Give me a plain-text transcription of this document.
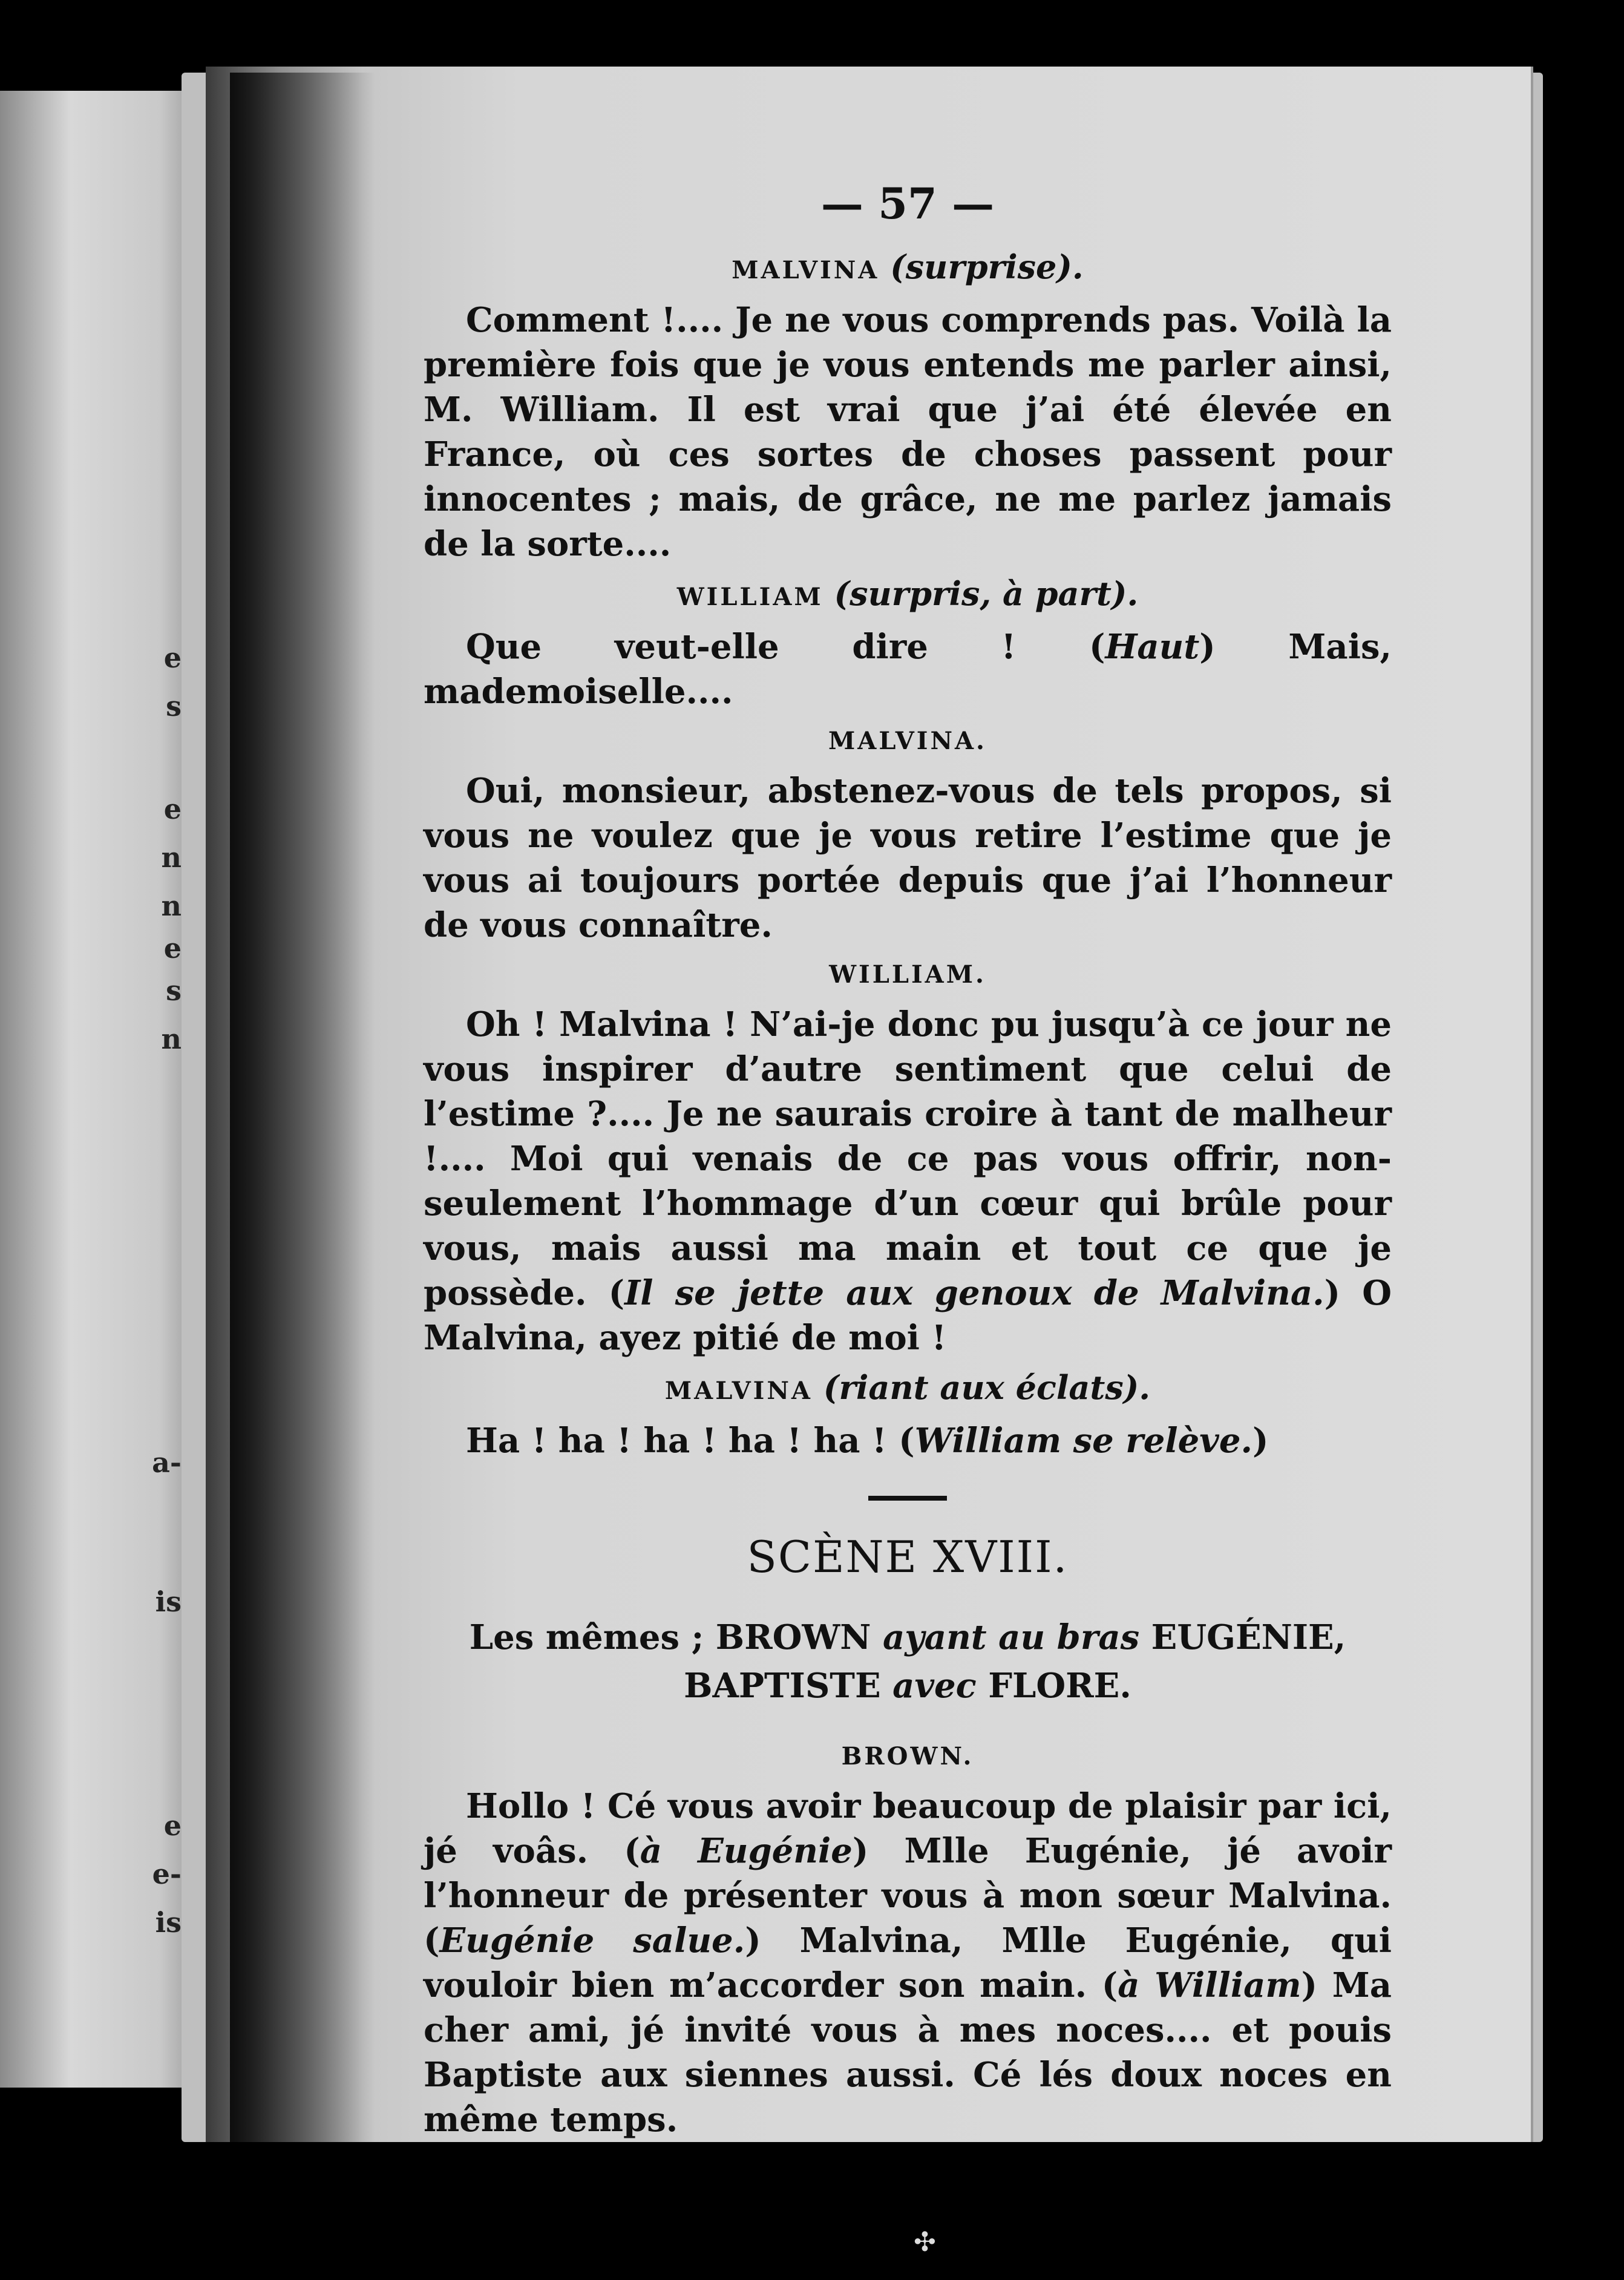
e
s
e
n
n
e
s
n
a-
is
e
e-
is
— 57 —
MALVINA (surprise).

Comment !.... Je ne vous comprends pas. Voilà la première fois que je vous entends me parler ainsi, M. William. Il est vrai que j’ai été élevée en France, où ces sortes de choses passent pour innocentes ; mais, de grâce, ne me parlez jamais de la sorte....

WILLIAM (surpris, à part).

Que veut-elle dire ! (Haut) Mais, mademoiselle....

MALVINA.

Oui, monsieur, abstenez-vous de tels propos, si vous ne voulez que je vous retire l’estime que je vous ai toujours portée depuis que j’ai l’honneur de vous connaître.

WILLIAM.

Oh ! Malvina ! N’ai-je donc pu jusqu’à ce jour ne vous inspirer d’autre sentiment que celui de l’estime ?.... Je ne saurais croire à tant de malheur !.... Moi qui venais de ce pas vous offrir, non-seulement l’hommage d’un cœur qui brûle pour vous, mais aussi ma main et tout ce que je possède. (Il se jette aux genoux de Malvina.) O Malvina, ayez pitié de moi !

MALVINA (riant aux éclats).

Ha ! ha ! ha ! ha ! ha ! (William se relève.)

SCÈNE XVIII.
Les mêmes ; BROWN ayant au bras EUGÉNIE,
BAPTISTE avec FLORE.
BROWN.

Hollo ! Cé vous avoir beaucoup de plaisir par ici, jé voâs. (à Eugénie) Mlle Eugénie, jé avoir l’honneur de présenter vous à mon sœur Malvina. (Eugénie salue.) Malvina, Mlle Eugénie, qui vouloir bien m’accorder son main. (à William) Ma cher ami, jé invité vous à mes noces.... et pouis Baptiste aux siennes aussi. Cé lés doux noces en même temps.

✣
